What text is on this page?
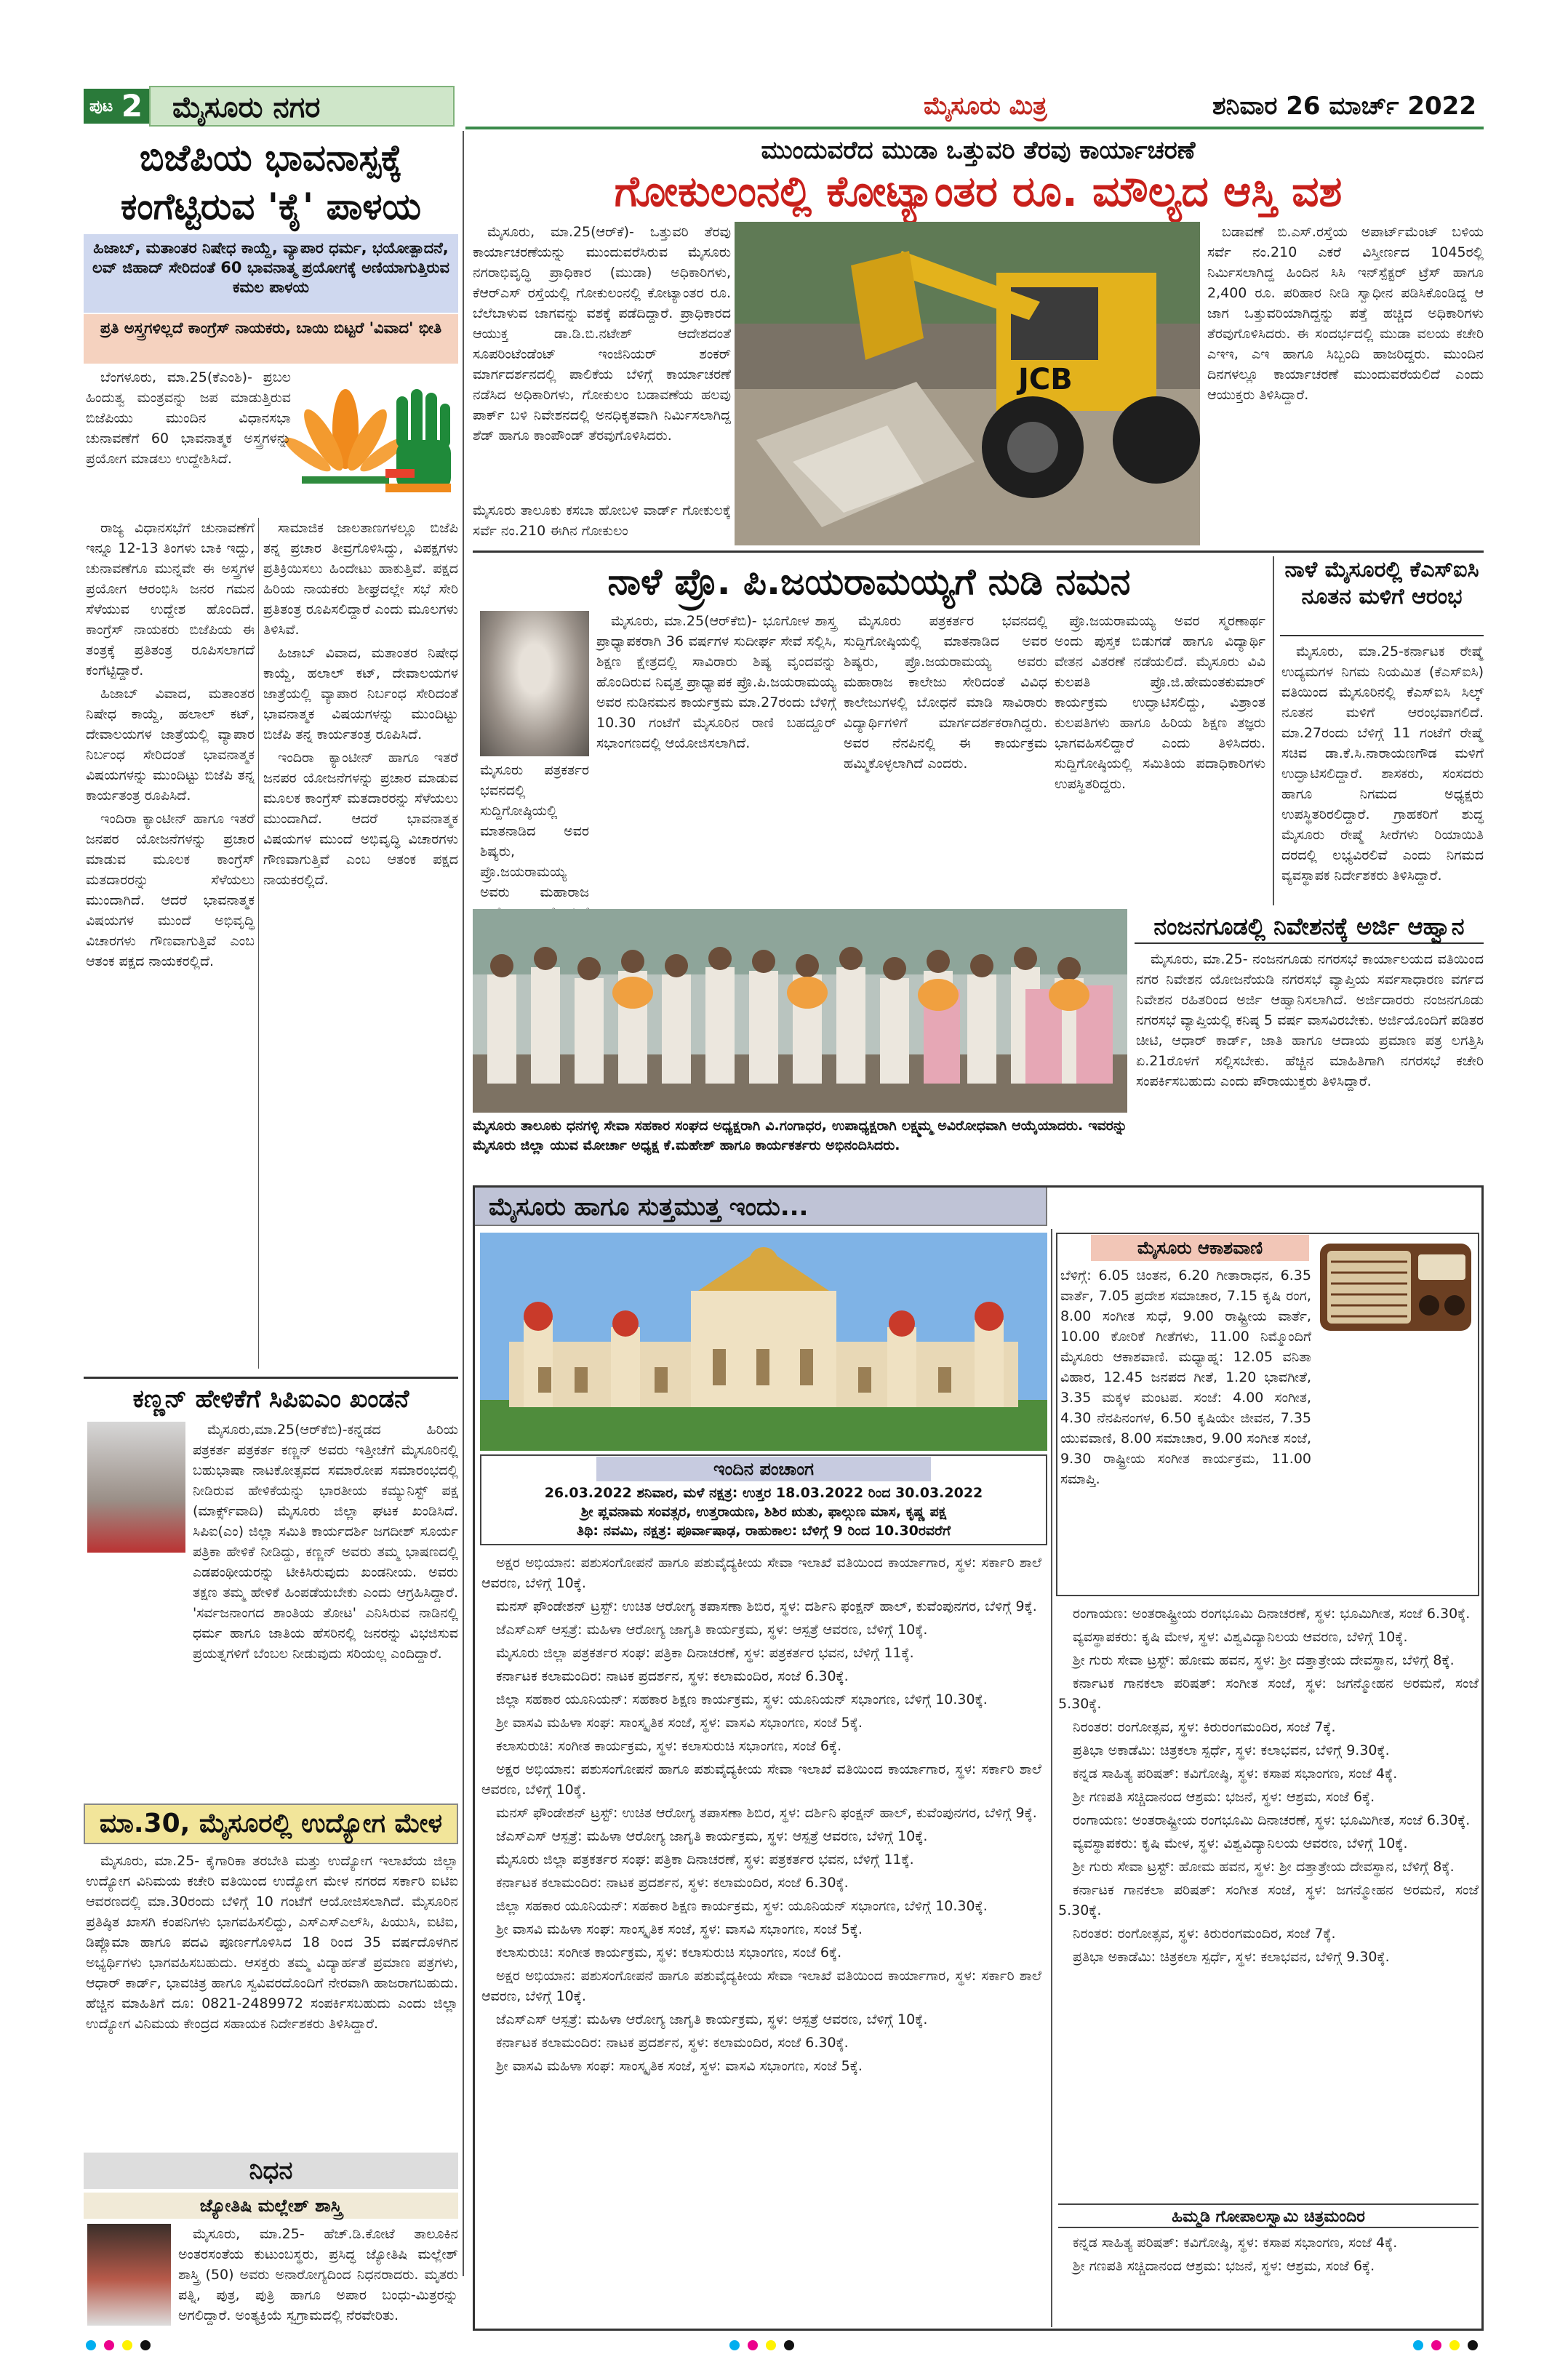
ಪುಟ 2	ಮೈಸೂರು ನಗರ	ಮೈಸೂರು ಮಿತ್ರ	ಶನಿವಾರ 26 ಮಾರ್ಚ್ 2022
ಬಿಜೆಪಿಯ ಭಾವನಾಸ್ಪಕ್ಕೆ
ಕಂಗೆಟ್ಟಿರುವ 'ಕೈ' ಪಾಳಯ
ಹಿಜಾಬ್, ಮತಾಂತರ ನಿಷೇಧ ಕಾಯ್ದೆ, ವ್ಯಾಪಾರ ಧರ್ಮ, ಭಯೋತ್ಪಾದನೆ, ಲವ್ ಜಿಹಾದ್ ಸೇರಿದಂತೆ 60 ಭಾವನಾತ್ಮ ಪ್ರಯೋಗಕ್ಕೆ ಅಣಿಯಾಗುತ್ತಿರುವ ಕಮಲ ಪಾಳಯ
ಪ್ರತಿ ಅಸ್ತ್ರಗಳಿಲ್ಲದೆ ಕಾಂಗ್ರೆಸ್ ನಾಯಕರು, ಬಾಯಿ ಬಿಟ್ಟರೆ 'ವಿವಾದ' ಭೀತಿ

ಬೆಂಗಳೂರು, ಮಾ.25(ಕೆಎಂಶಿ)- ಪ್ರಬಲ ಹಿಂದುತ್ವ ಮಂತ್ರವನ್ನು ಜಪ ಮಾಡುತ್ತಿರುವ ಬಿಜೆಪಿಯು ಮುಂದಿನ ವಿಧಾನಸಭಾ ಚುನಾವಣೆಗೆ 60 ಭಾವನಾತ್ಮಕ ಅಸ್ತ್ರಗಳನ್ನು ಪ್ರಯೋಗ ಮಾಡಲು ಉದ್ದೇಶಿಸಿದೆ.

ರಾಜ್ಯ ವಿಧಾನಸಭೆಗೆ ಚುನಾವಣೆಗೆ ಇನ್ನೂ 12-13 ತಿಂಗಳು ಬಾಕಿ ಇದ್ದು, ಚುನಾವಣೆಗೂ ಮುನ್ನವೇ ಈ ಅಸ್ತ್ರಗಳ ಪ್ರಯೋಗ ಆರಂಭಿಸಿ ಜನರ ಗಮನ ಸೆಳೆಯುವ ಉದ್ದೇಶ ಹೊಂದಿದೆ. ಕಾಂಗ್ರೆಸ್ ನಾಯಕರು ಬಿಜೆಪಿಯ ಈ ತಂತ್ರಕ್ಕೆ ಪ್ರತಿತಂತ್ರ ರೂಪಿಸಲಾಗದೆ ಕಂಗೆಟ್ಟಿದ್ದಾರೆ.

ಹಿಜಾಬ್ ವಿವಾದ, ಮತಾಂತರ ನಿಷೇಧ ಕಾಯ್ದೆ, ಹಲಾಲ್ ಕಟ್, ದೇವಾಲಯಗಳ ಜಾತ್ರೆಯಲ್ಲಿ ವ್ಯಾಪಾರ ನಿರ್ಬಂಧ ಸೇರಿದಂತೆ ಭಾವನಾತ್ಮಕ ವಿಷಯಗಳನ್ನು ಮುಂದಿಟ್ಟು ಬಿಜೆಪಿ ತನ್ನ ಕಾರ್ಯತಂತ್ರ ರೂಪಿಸಿದೆ.

ಇಂದಿರಾ ಕ್ಯಾಂಟೀನ್ ಹಾಗೂ ಇತರೆ ಜನಪರ ಯೋಜನೆಗಳನ್ನು ಪ್ರಚಾರ ಮಾಡುವ ಮೂಲಕ ಕಾಂಗ್ರೆಸ್ ಮತದಾರರನ್ನು ಸೆಳೆಯಲು ಮುಂದಾಗಿದೆ. ಆದರೆ ಭಾವನಾತ್ಮಕ ವಿಷಯಗಳ ಮುಂದೆ ಅಭಿವೃದ್ಧಿ ವಿಚಾರಗಳು ಗೌಣವಾಗುತ್ತಿವೆ ಎಂಬ ಆತಂಕ ಪಕ್ಷದ ನಾಯಕರಲ್ಲಿದೆ.

ಸಾಮಾಜಿಕ ಜಾಲತಾಣಗಳಲ್ಲೂ ಬಿಜೆಪಿ ತನ್ನ ಪ್ರಚಾರ ತೀವ್ರಗೊಳಿಸಿದ್ದು, ವಿಪಕ್ಷಗಳು ಪ್ರತಿಕ್ರಿಯಿಸಲು ಹಿಂದೇಟು ಹಾಕುತ್ತಿವೆ. ಪಕ್ಷದ ಹಿರಿಯ ನಾಯಕರು ಶೀಘ್ರದಲ್ಲೇ ಸಭೆ ಸೇರಿ ಪ್ರತಿತಂತ್ರ ರೂಪಿಸಲಿದ್ದಾರೆ ಎಂದು ಮೂಲಗಳು ತಿಳಿಸಿವೆ.

ಹಿಜಾಬ್ ವಿವಾದ, ಮತಾಂತರ ನಿಷೇಧ ಕಾಯ್ದೆ, ಹಲಾಲ್ ಕಟ್, ದೇವಾಲಯಗಳ ಜಾತ್ರೆಯಲ್ಲಿ ವ್ಯಾಪಾರ ನಿರ್ಬಂಧ ಸೇರಿದಂತೆ ಭಾವನಾತ್ಮಕ ವಿಷಯಗಳನ್ನು ಮುಂದಿಟ್ಟು ಬಿಜೆಪಿ ತನ್ನ ಕಾರ್ಯತಂತ್ರ ರೂಪಿಸಿದೆ.

ಇಂದಿರಾ ಕ್ಯಾಂಟೀನ್ ಹಾಗೂ ಇತರೆ ಜನಪರ ಯೋಜನೆಗಳನ್ನು ಪ್ರಚಾರ ಮಾಡುವ ಮೂಲಕ ಕಾಂಗ್ರೆಸ್ ಮತದಾರರನ್ನು ಸೆಳೆಯಲು ಮುಂದಾಗಿದೆ. ಆದರೆ ಭಾವನಾತ್ಮಕ ವಿಷಯಗಳ ಮುಂದೆ ಅಭಿವೃದ್ಧಿ ವಿಚಾರಗಳು ಗೌಣವಾಗುತ್ತಿವೆ ಎಂಬ ಆತಂಕ ಪಕ್ಷದ ನಾಯಕರಲ್ಲಿದೆ.

ಕಣ್ಣನ್ ಹೇಳಿಕೆಗೆ ಸಿಪಿಐಎಂ ಖಂಡನೆ
ಮೈಸೂರು,ಮಾ.25(ಆರ್‌ಕೆಬಿ)-ಕನ್ನಡದ ಹಿರಿಯ ಪತ್ರಕರ್ತ ಪತ್ರಕರ್ತ ಕಣ್ಣನ್ ಅವರು ಇತ್ತೀಚೆಗೆ ಮೈಸೂರಿನಲ್ಲಿ ಬಹುಭಾಷಾ ನಾಟಕೋತ್ಸವದ ಸಮಾರೋಪ ಸಮಾರಂಭದಲ್ಲಿ ನೀಡಿರುವ ಹೇಳಿಕೆಯನ್ನು ಭಾರತೀಯ ಕಮ್ಯುನಿಸ್ಟ್ ಪಕ್ಷ (ಮಾರ್ಕ್ಸ್‌ವಾದಿ) ಮೈಸೂರು ಜಿಲ್ಲಾ ಘಟಕ ಖಂಡಿಸಿದೆ. ಸಿಪಿಐ(ಎಂ) ಜಿಲ್ಲಾ ಸಮಿತಿ ಕಾರ್ಯದರ್ಶಿ ಜಗದೀಶ್ ಸೂರ್ಯ ಪತ್ರಿಕಾ ಹೇಳಿಕೆ ನೀಡಿದ್ದು, ಕಣ್ಣನ್ ಅವರು ತಮ್ಮ ಭಾಷಣದಲ್ಲಿ ಎಡಪಂಥೀಯರನ್ನು ಟೀಕಿಸಿರುವುದು ಖಂಡನೀಯ. ಅವರು ತಕ್ಷಣ ತಮ್ಮ ಹೇಳಿಕೆ ಹಿಂಪಡೆಯಬೇಕು ಎಂದು ಆಗ್ರಹಿಸಿದ್ದಾರೆ. 'ಸರ್ವಜನಾಂಗದ ಶಾಂತಿಯ ತೋಟ' ಎನಿಸಿರುವ ನಾಡಿನಲ್ಲಿ ಧರ್ಮ ಹಾಗೂ ಜಾತಿಯ ಹೆಸರಿನಲ್ಲಿ ಜನರನ್ನು ವಿಭಜಿಸುವ ಪ್ರಯತ್ನಗಳಿಗೆ ಬೆಂಬಲ ನೀಡುವುದು ಸರಿಯಲ್ಲ ಎಂದಿದ್ದಾರೆ.
ಮಾ.30, ಮೈಸೂರಲ್ಲಿ ಉದ್ಯೋಗ ಮೇಳ
ಮೈಸೂರು, ಮಾ.25- ಕೈಗಾರಿಕಾ ತರಬೇತಿ ಮತ್ತು ಉದ್ಯೋಗ ಇಲಾಖೆಯ ಜಿಲ್ಲಾ ಉದ್ಯೋಗ ವಿನಿಮಯ ಕಚೇರಿ ವತಿಯಿಂದ ಉದ್ಯೋಗ ಮೇಳ ನಗರದ ಸರ್ಕಾರಿ ಐಟಿಐ ಆವರಣದಲ್ಲಿ ಮಾ.30ರಂದು ಬೆಳಿಗ್ಗೆ 10 ಗಂಟೆಗೆ ಆಯೋಜಿಸಲಾಗಿದೆ. ಮೈಸೂರಿನ ಪ್ರತಿಷ್ಠಿತ ಖಾಸಗಿ ಕಂಪನಿಗಳು ಭಾಗವಹಿಸಲಿದ್ದು, ಎಸ್‌ಎಸ್‌ಎಲ್‌ಸಿ, ಪಿಯುಸಿ, ಐಟಿಐ, ಡಿಪ್ಲೊಮಾ ಹಾಗೂ ಪದವಿ ಪೂರ್ಣಗೊಳಿಸಿದ 18 ರಿಂದ 35 ವರ್ಷದೊಳಗಿನ ಅಭ್ಯರ್ಥಿಗಳು ಭಾಗವಹಿಸಬಹುದು. ಆಸಕ್ತರು ತಮ್ಮ ವಿದ್ಯಾರ್ಹತೆ ಪ್ರಮಾಣ ಪತ್ರಗಳು, ಆಧಾರ್ ಕಾರ್ಡ್, ಭಾವಚಿತ್ರ ಹಾಗೂ ಸ್ವವಿವರದೊಂದಿಗೆ ನೇರವಾಗಿ ಹಾಜರಾಗಬಹುದು. ಹೆಚ್ಚಿನ ಮಾಹಿತಿಗೆ ದೂ: 0821-2489972 ಸಂಪರ್ಕಿಸಬಹುದು ಎಂದು ಜಿಲ್ಲಾ ಉದ್ಯೋಗ ವಿನಿಮಯ ಕೇಂದ್ರದ ಸಹಾಯಕ ನಿರ್ದೇಶಕರು ತಿಳಿಸಿದ್ದಾರೆ.
ನಿಧನ
ಜ್ಯೋತಿಷಿ ಮಲ್ಲೇಶ್ ಶಾಸ್ತ್ರಿ
ಮೈಸೂರು, ಮಾ.25- ಹೆಚ್.ಡಿ.ಕೋಟೆ ತಾಲೂಕಿನ ಅಂತರಸಂತೆಯ ಕುಟುಂಬಸ್ಥರು, ಪ್ರಸಿದ್ಧ ಜ್ಯೋತಿಷಿ ಮಲ್ಲೇಶ್ ಶಾಸ್ತ್ರಿ (50) ಅವರು ಅನಾರೋಗ್ಯದಿಂದ ನಿಧನರಾದರು. ಮೃತರು ಪತ್ನಿ, ಪುತ್ರ, ಪುತ್ರಿ ಹಾಗೂ ಅಪಾರ ಬಂಧು-ಮಿತ್ರರನ್ನು ಅಗಲಿದ್ದಾರೆ. ಅಂತ್ಯಕ್ರಿಯೆ ಸ್ವಗ್ರಾಮದಲ್ಲಿ ನೆರವೇರಿತು.
ಮುಂದುವರೆದ ಮುಡಾ ಒತ್ತುವರಿ ತೆರವು ಕಾರ್ಯಾಚರಣೆ
ಗೋಕುಲಂನಲ್ಲಿ ಕೋಟ್ಯಾಂತರ ರೂ. ಮೌಲ್ಯದ ಆಸ್ತಿ ವಶ
ಮೈಸೂರು, ಮಾ.25(ಆರ್‌ಕೆ)- ಒತ್ತುವರಿ ತೆರವು ಕಾರ್ಯಾಚರಣೆಯನ್ನು ಮುಂದುವರೆಸಿರುವ ಮೈಸೂರು ನಗರಾಭಿವೃದ್ಧಿ ಪ್ರಾಧಿಕಾರ (ಮುಡಾ) ಅಧಿಕಾರಿಗಳು, ಕೆಆರ್‌ಎಸ್ ರಸ್ತೆಯಲ್ಲಿ ಗೋಕುಲಂನಲ್ಲಿ ಕೋಟ್ಯಾಂತರ ರೂ. ಬೆಲೆಬಾಳುವ ಜಾಗವನ್ನು ವಶಕ್ಕೆ ಪಡೆದಿದ್ದಾರೆ. ಪ್ರಾಧಿಕಾರದ ಆಯುಕ್ತ ಡಾ.ಡಿ.ಬಿ.ನಟೇಶ್ ಆದೇಶದಂತೆ ಸೂಪರಿಂಟೆಂಡೆಂಟ್ ಇಂಜಿನಿಯರ್ ಶಂಕರ್ ಮಾರ್ಗದರ್ಶನದಲ್ಲಿ ಪಾಲಿಕೆಯ ಬೆಳಿಗ್ಗೆ ಕಾರ್ಯಾಚರಣೆ ನಡೆಸಿದ ಅಧಿಕಾರಿಗಳು, ಗೋಕುಲಂ ಬಡಾವಣೆಯ ಹಲವು ಪಾರ್ಕ್ ಬಳಿ ನಿವೇಶನದಲ್ಲಿ ಅನಧಿಕೃತವಾಗಿ ನಿರ್ಮಿಸಲಾಗಿದ್ದ ಶೆಡ್ ಹಾಗೂ ಕಾಂಪೌಂಡ್ ತೆರವುಗೊಳಿಸಿದರು.
JCB
ಬಡಾವಣೆ ಬಿ.ಎಸ್.ರಸ್ತೆಯ ಅಪಾರ್ಟ್‌ಮೆಂಟ್ ಬಳಿಯ ಸರ್ವೆ ನಂ.210 ಎಕರೆ ವಿಸ್ತೀರ್ಣದ 1045ರಲ್ಲಿ ನಿರ್ಮಿಸಲಾಗಿದ್ದ ಹಿಂದಿನ ಸಿಸಿ ಇನ್‌ಸ್ಪೆಕ್ಟರ್ ಟ್ರೆಸ್ ಹಾಗೂ 2,400 ರೂ. ಪರಿಹಾರ ನೀಡಿ ಸ್ವಾಧೀನ ಪಡಿಸಿಕೊಂಡಿದ್ದ ಆ ಜಾಗ ಒತ್ತುವರಿಯಾಗಿದ್ದನ್ನು ಪತ್ತೆ ಹಚ್ಚಿದ ಅಧಿಕಾರಿಗಳು ತೆರವುಗೊಳಿಸಿದರು. ಈ ಸಂದರ್ಭದಲ್ಲಿ ಮುಡಾ ವಲಯ ಕಚೇರಿ ಎಇಇ, ಎಇ ಹಾಗೂ ಸಿಬ್ಬಂದಿ ಹಾಜರಿದ್ದರು. ಮುಂದಿನ ದಿನಗಳಲ್ಲೂ ಕಾರ್ಯಾಚರಣೆ ಮುಂದುವರೆಯಲಿದೆ ಎಂದು ಆಯುಕ್ತರು ತಿಳಿಸಿದ್ದಾರೆ.
ಮೈಸೂರು ತಾಲೂಕು ಕಸಬಾ ಹೋಬಳಿ ವಾರ್ಡ್ ಗೋಕುಲಕ್ಕೆ ಸರ್ವೆ ನಂ.210 ಈಗಿನ ಗೋಕುಲಂ
ನಾಳೆ ಪ್ರೊ. ಪಿ.ಜಯರಾಮಯ್ಯಗೆ ನುಡಿ ನಮನ
ಮೈಸೂರು, ಮಾ.25(ಆರ್‌ಕೆಬಿ)- ಭೂಗೋಳ ಶಾಸ್ತ್ರ ಪ್ರಾಧ್ಯಾಪಕರಾಗಿ 36 ವರ್ಷಗಳ ಸುದೀರ್ಘ ಸೇವೆ ಸಲ್ಲಿಸಿ, ಶಿಕ್ಷಣ ಕ್ಷೇತ್ರದಲ್ಲಿ ಸಾವಿರಾರು ಶಿಷ್ಯ ವೃಂದವನ್ನು ಹೊಂದಿರುವ ನಿವೃತ್ತ ಪ್ರಾಧ್ಯಾಪಕ ಪ್ರೊ.ಪಿ.ಜಯರಾಮಯ್ಯ ಅವರ ನುಡಿನಮನ ಕಾರ್ಯಕ್ರಮ ಮಾ.27ರಂದು ಬೆಳಿಗ್ಗೆ 10.30 ಗಂಟೆಗೆ ಮೈಸೂರಿನ ರಾಣಿ ಬಹದ್ದೂರ್ ಸಭಾಂಗಣದಲ್ಲಿ ಆಯೋಜಿಸಲಾಗಿದೆ.
ಮೈಸೂರು ಪತ್ರಕರ್ತರ ಭವನದಲ್ಲಿ ಸುದ್ದಿಗೋಷ್ಠಿಯಲ್ಲಿ ಮಾತನಾಡಿದ ಅವರ ಶಿಷ್ಯರು, ಪ್ರೊ.ಜಯರಾಮಯ್ಯ ಅವರು ಮಹಾರಾಜ ಕಾಲೇಜು ಸೇರಿದಂತೆ ವಿವಿಧ ಕಾಲೇಜುಗಳಲ್ಲಿ ಬೋಧನೆ ಮಾಡಿ ಸಾವಿರಾರು ವಿದ್ಯಾರ್ಥಿಗಳಿಗೆ ಮಾರ್ಗದರ್ಶಕರಾಗಿದ್ದರು. ಅವರ ನೆನಪಿನಲ್ಲಿ ಈ ಕಾರ್ಯಕ್ರಮ ಹಮ್ಮಿಕೊಳ್ಳಲಾಗಿದೆ ಎಂದರು.
ಪ್ರೊ.ಜಯರಾಮಯ್ಯ ಅವರ ಸ್ಮರಣಾರ್ಥ ಅಂದು ಪುಸ್ತಕ ಬಿಡುಗಡೆ ಹಾಗೂ ವಿದ್ಯಾರ್ಥಿ ವೇತನ ವಿತರಣೆ ನಡೆಯಲಿದೆ. ಮೈಸೂರು ವಿವಿ ಕುಲಪತಿ ಪ್ರೊ.ಜಿ.ಹೇಮಂತಕುಮಾರ್ ಕಾರ್ಯಕ್ರಮ ಉದ್ಘಾಟಿಸಲಿದ್ದು, ವಿಶ್ರಾಂತ ಕುಲಪತಿಗಳು ಹಾಗೂ ಹಿರಿಯ ಶಿಕ್ಷಣ ತಜ್ಞರು ಭಾಗವಹಿಸಲಿದ್ದಾರೆ ಎಂದು ತಿಳಿಸಿದರು. ಸುದ್ದಿಗೋಷ್ಠಿಯಲ್ಲಿ ಸಮಿತಿಯ ಪದಾಧಿಕಾರಿಗಳು ಉಪಸ್ಥಿತರಿದ್ದರು.
ಮೈಸೂರು ಪತ್ರಕರ್ತರ ಭವನದಲ್ಲಿ ಸುದ್ದಿಗೋಷ್ಠಿಯಲ್ಲಿ ಮಾತನಾಡಿದ ಅವರ ಶಿಷ್ಯರು, ಪ್ರೊ.ಜಯರಾಮಯ್ಯ ಅವರು ಮಹಾರಾಜ
ನಾಳೆ ಮೈಸೂರಲ್ಲಿ ಕೆಎಸ್‌ಐಸಿ ನೂತನ ಮಳಿಗೆ ಆರಂಭ
ಮೈಸೂರು, ಮಾ.25-ಕರ್ನಾಟಕ ರೇಷ್ಮೆ ಉದ್ಯಮಗಳ ನಿಗಮ ನಿಯಮಿತ (ಕೆಎಸ್‌ಐಸಿ) ವತಿಯಿಂದ ಮೈಸೂರಿನಲ್ಲಿ ಕೆಎಸ್‌ಐಸಿ ಸಿಲ್ಕ್ ನೂತನ ಮಳಿಗೆ ಆರಂಭವಾಗಲಿದೆ. ಮಾ.27ರಂದು ಬೆಳಿಗ್ಗೆ 11 ಗಂಟೆಗೆ ರೇಷ್ಮೆ ಸಚಿವ ಡಾ.ಕೆ.ಸಿ.ನಾರಾಯಣಗೌಡ ಮಳಿಗೆ ಉದ್ಘಾಟಿಸಲಿದ್ದಾರೆ. ಶಾಸಕರು, ಸಂಸದರು ಹಾಗೂ ನಿಗಮದ ಅಧ್ಯಕ್ಷರು ಉಪಸ್ಥಿತರಿರಲಿದ್ದಾರೆ. ಗ್ರಾಹಕರಿಗೆ ಶುದ್ಧ ಮೈಸೂರು ರೇಷ್ಮೆ ಸೀರೆಗಳು ರಿಯಾಯಿತಿ ದರದಲ್ಲಿ ಲಭ್ಯವಿರಲಿವೆ ಎಂದು ನಿಗಮದ ವ್ಯವಸ್ಥಾಪಕ ನಿರ್ದೇಶಕರು ತಿಳಿಸಿದ್ದಾರೆ.
ಮೈಸೂರು ತಾಲೂಕು ಧನಗಳ್ಳಿ ಸೇವಾ ಸಹಕಾರ ಸಂಘದ ಅಧ್ಯಕ್ಷರಾಗಿ ವಿ.ಗಂಗಾಧರ, ಉಪಾಧ್ಯಕ್ಷರಾಗಿ ಲಕ್ಷ್ಮಮ್ಮ ಅವಿರೋಧವಾಗಿ ಆಯ್ಕೆಯಾದರು. ಇವರನ್ನು ಮೈಸೂರು ಜಿಲ್ಲಾ ಯುವ ಮೋರ್ಚಾ ಅಧ್ಯಕ್ಷ ಕೆ.ಮಹೇಶ್ ಹಾಗೂ ಕಾರ್ಯಕರ್ತರು ಅಭಿನಂದಿಸಿದರು.
ನಂಜನಗೂಡಲ್ಲಿ ನಿವೇಶನಕ್ಕೆ ಅರ್ಜಿ ಆಹ್ವಾನ
ಮೈಸೂರು, ಮಾ.25- ನಂಜನಗೂಡು ನಗರಸಭೆ ಕಾರ್ಯಾಲಯದ ವತಿಯಿಂದ ನಗರ ನಿವೇಶನ ಯೋಜನೆಯಡಿ ನಗರಸಭೆ ವ್ಯಾಪ್ತಿಯ ಸರ್ವಸಾಧಾರಣ ವರ್ಗದ ನಿವೇಶನ ರಹಿತರಿಂದ ಅರ್ಜಿ ಆಹ್ವಾನಿಸಲಾಗಿದೆ. ಅರ್ಜಿದಾರರು ನಂಜನಗೂಡು ನಗರಸಭೆ ವ್ಯಾಪ್ತಿಯಲ್ಲಿ ಕನಿಷ್ಠ 5 ವರ್ಷ ವಾಸವಿರಬೇಕು. ಅರ್ಜಿಯೊಂದಿಗೆ ಪಡಿತರ ಚೀಟಿ, ಆಧಾರ್ ಕಾರ್ಡ್, ಜಾತಿ ಹಾಗೂ ಆದಾಯ ಪ್ರಮಾಣ ಪತ್ರ ಲಗತ್ತಿಸಿ ಏ.21ರೊಳಗೆ ಸಲ್ಲಿಸಬೇಕು. ಹೆಚ್ಚಿನ ಮಾಹಿತಿಗಾಗಿ ನಗರಸಭೆ ಕಚೇರಿ ಸಂಪರ್ಕಿಸಬಹುದು ಎಂದು ಪೌರಾಯುಕ್ತರು ತಿಳಿಸಿದ್ದಾರೆ.
ಮೈಸೂರು ಹಾಗೂ ಸುತ್ತಮುತ್ತ ಇಂದು...
ಇಂದಿನ ಪಂಚಾಂಗ
26.03.2022 ಶನಿವಾರ, ಮಳೆ ನಕ್ಷತ್ರ: ಉತ್ತರ 18.03.2022 ರಿಂದ 30.03.2022
ಶ್ರೀ ಪ್ಲವನಾಮ ಸಂವತ್ಸರ, ಉತ್ತರಾಯಣ, ಶಿಶಿರ ಋತು, ಫಾಲ್ಗುಣ ಮಾಸ, ಕೃಷ್ಣ ಪಕ್ಷ
ತಿಥಿ: ನವಮಿ, ನಕ್ಷತ್ರ: ಪೂರ್ವಾಷಾಢ, ರಾಹುಕಾಲ: ಬೆಳಿಗ್ಗೆ 9 ರಿಂದ 10.30ರವರೆಗೆ

ಅಕ್ಷರ ಅಭಿಯಾನ: ಪಶುಸಂಗೋಪನೆ ಹಾಗೂ ಪಶುವೈದ್ಯಕೀಯ ಸೇವಾ ಇಲಾಖೆ ವತಿಯಿಂದ ಕಾರ್ಯಾಗಾರ, ಸ್ಥಳ: ಸರ್ಕಾರಿ ಶಾಲೆ ಆವರಣ, ಬೆಳಿಗ್ಗೆ 10ಕ್ಕೆ.

ಮನಸ್ ಫೌಂಡೇಶನ್ ಟ್ರಸ್ಟ್: ಉಚಿತ ಆರೋಗ್ಯ ತಪಾಸಣಾ ಶಿಬಿರ, ಸ್ಥಳ: ದರ್ಶಿನಿ ಫಂಕ್ಷನ್ ಹಾಲ್, ಕುವೆಂಪುನಗರ, ಬೆಳಿಗ್ಗೆ 9ಕ್ಕೆ.

ಜೆಎಸ್‌ಎಸ್ ಆಸ್ಪತ್ರೆ: ಮಹಿಳಾ ಆರೋಗ್ಯ ಜಾಗೃತಿ ಕಾರ್ಯಕ್ರಮ, ಸ್ಥಳ: ಆಸ್ಪತ್ರೆ ಆವರಣ, ಬೆಳಿಗ್ಗೆ 10ಕ್ಕೆ.

ಮೈಸೂರು ಜಿಲ್ಲಾ ಪತ್ರಕರ್ತರ ಸಂಘ: ಪತ್ರಿಕಾ ದಿನಾಚರಣೆ, ಸ್ಥಳ: ಪತ್ರಕರ್ತರ ಭವನ, ಬೆಳಿಗ್ಗೆ 11ಕ್ಕೆ.

ಕರ್ನಾಟಕ ಕಲಾಮಂದಿರ: ನಾಟಕ ಪ್ರದರ್ಶನ, ಸ್ಥಳ: ಕಲಾಮಂದಿರ, ಸಂಜೆ 6.30ಕ್ಕೆ.

ಜಿಲ್ಲಾ ಸಹಕಾರ ಯೂನಿಯನ್: ಸಹಕಾರ ಶಿಕ್ಷಣ ಕಾರ್ಯಕ್ರಮ, ಸ್ಥಳ: ಯೂನಿಯನ್ ಸಭಾಂಗಣ, ಬೆಳಿಗ್ಗೆ 10.30ಕ್ಕೆ.

ಶ್ರೀ ವಾಸವಿ ಮಹಿಳಾ ಸಂಘ: ಸಾಂಸ್ಕೃತಿಕ ಸಂಜೆ, ಸ್ಥಳ: ವಾಸವಿ ಸಭಾಂಗಣ, ಸಂಜೆ 5ಕ್ಕೆ.

ಕಲಾಸುರುಚಿ: ಸಂಗೀತ ಕಾರ್ಯಕ್ರಮ, ಸ್ಥಳ: ಕಲಾಸುರುಚಿ ಸಭಾಂಗಣ, ಸಂಜೆ 6ಕ್ಕೆ.

ಅಕ್ಷರ ಅಭಿಯಾನ: ಪಶುಸಂಗೋಪನೆ ಹಾಗೂ ಪಶುವೈದ್ಯಕೀಯ ಸೇವಾ ಇಲಾಖೆ ವತಿಯಿಂದ ಕಾರ್ಯಾಗಾರ, ಸ್ಥಳ: ಸರ್ಕಾರಿ ಶಾಲೆ ಆವರಣ, ಬೆಳಿಗ್ಗೆ 10ಕ್ಕೆ.

ಮನಸ್ ಫೌಂಡೇಶನ್ ಟ್ರಸ್ಟ್: ಉಚಿತ ಆರೋಗ್ಯ ತಪಾಸಣಾ ಶಿಬಿರ, ಸ್ಥಳ: ದರ್ಶಿನಿ ಫಂಕ್ಷನ್ ಹಾಲ್, ಕುವೆಂಪುನಗರ, ಬೆಳಿಗ್ಗೆ 9ಕ್ಕೆ.

ಜೆಎಸ್‌ಎಸ್ ಆಸ್ಪತ್ರೆ: ಮಹಿಳಾ ಆರೋಗ್ಯ ಜಾಗೃತಿ ಕಾರ್ಯಕ್ರಮ, ಸ್ಥಳ: ಆಸ್ಪತ್ರೆ ಆವರಣ, ಬೆಳಿಗ್ಗೆ 10ಕ್ಕೆ.

ಮೈಸೂರು ಜಿಲ್ಲಾ ಪತ್ರಕರ್ತರ ಸಂಘ: ಪತ್ರಿಕಾ ದಿನಾಚರಣೆ, ಸ್ಥಳ: ಪತ್ರಕರ್ತರ ಭವನ, ಬೆಳಿಗ್ಗೆ 11ಕ್ಕೆ.

ಕರ್ನಾಟಕ ಕಲಾಮಂದಿರ: ನಾಟಕ ಪ್ರದರ್ಶನ, ಸ್ಥಳ: ಕಲಾಮಂದಿರ, ಸಂಜೆ 6.30ಕ್ಕೆ.

ಜಿಲ್ಲಾ ಸಹಕಾರ ಯೂನಿಯನ್: ಸಹಕಾರ ಶಿಕ್ಷಣ ಕಾರ್ಯಕ್ರಮ, ಸ್ಥಳ: ಯೂನಿಯನ್ ಸಭಾಂಗಣ, ಬೆಳಿಗ್ಗೆ 10.30ಕ್ಕೆ.

ಶ್ರೀ ವಾಸವಿ ಮಹಿಳಾ ಸಂಘ: ಸಾಂಸ್ಕೃತಿಕ ಸಂಜೆ, ಸ್ಥಳ: ವಾಸವಿ ಸಭಾಂಗಣ, ಸಂಜೆ 5ಕ್ಕೆ.

ಕಲಾಸುರುಚಿ: ಸಂಗೀತ ಕಾರ್ಯಕ್ರಮ, ಸ್ಥಳ: ಕಲಾಸುರುಚಿ ಸಭಾಂಗಣ, ಸಂಜೆ 6ಕ್ಕೆ.

ಅಕ್ಷರ ಅಭಿಯಾನ: ಪಶುಸಂಗೋಪನೆ ಹಾಗೂ ಪಶುವೈದ್ಯಕೀಯ ಸೇವಾ ಇಲಾಖೆ ವತಿಯಿಂದ ಕಾರ್ಯಾಗಾರ, ಸ್ಥಳ: ಸರ್ಕಾರಿ ಶಾಲೆ ಆವರಣ, ಬೆಳಿಗ್ಗೆ 10ಕ್ಕೆ.

ಜೆಎಸ್‌ಎಸ್ ಆಸ್ಪತ್ರೆ: ಮಹಿಳಾ ಆರೋಗ್ಯ ಜಾಗೃತಿ ಕಾರ್ಯಕ್ರಮ, ಸ್ಥಳ: ಆಸ್ಪತ್ರೆ ಆವರಣ, ಬೆಳಿಗ್ಗೆ 10ಕ್ಕೆ.

ಕರ್ನಾಟಕ ಕಲಾಮಂದಿರ: ನಾಟಕ ಪ್ರದರ್ಶನ, ಸ್ಥಳ: ಕಲಾಮಂದಿರ, ಸಂಜೆ 6.30ಕ್ಕೆ.

ಶ್ರೀ ವಾಸವಿ ಮಹಿಳಾ ಸಂಘ: ಸಾಂಸ್ಕೃತಿಕ ಸಂಜೆ, ಸ್ಥಳ: ವಾಸವಿ ಸಭಾಂಗಣ, ಸಂಜೆ 5ಕ್ಕೆ.

ಮೈಸೂರು ಆಕಾಶವಾಣಿ
ಬೆಳಿಗ್ಗೆ: 6.05 ಚಿಂತನ, 6.20 ಗೀತಾರಾಧನ, 6.35 ವಾರ್ತೆ, 7.05 ಪ್ರದೇಶ ಸಮಾಚಾರ, 7.15 ಕೃಷಿ ರಂಗ, 8.00 ಸಂಗೀತ ಸುಧೆ, 9.00 ರಾಷ್ಟ್ರೀಯ ವಾರ್ತೆ, 10.00 ಕೋರಿಕೆ ಗೀತೆಗಳು, 11.00 ನಿಮ್ಮೊಂದಿಗೆ ಮೈಸೂರು ಆಕಾಶವಾಣಿ. ಮಧ್ಯಾಹ್ನ: 12.05 ವನಿತಾ ವಿಹಾರ, 12.45 ಜನಪದ ಗೀತೆ, 1.20 ಭಾವಗೀತೆ, 3.35 ಮಕ್ಕಳ ಮಂಟಪ. ಸಂಜೆ: 4.00 ಸಂಗೀತ, 4.30 ನೆನಪಿನಂಗಳ, 6.50 ಕೃಷಿಯೇ ಜೀವನ, 7.35 ಯುವವಾಣಿ, 8.00 ಸಮಾಚಾರ, 9.00 ಸಂಗೀತ ಸಂಜೆ, 9.30 ರಾಷ್ಟ್ರೀಯ ಸಂಗೀತ ಕಾರ್ಯಕ್ರಮ, 11.00 ಸಮಾಪ್ತಿ.

ರಂಗಾಯಣ: ಅಂತರಾಷ್ಟ್ರೀಯ ರಂಗಭೂಮಿ ದಿನಾಚರಣೆ, ಸ್ಥಳ: ಭೂಮಿಗೀತ, ಸಂಜೆ 6.30ಕ್ಕೆ.

ವ್ಯವಸ್ಥಾಪಕರು: ಕೃಷಿ ಮೇಳ, ಸ್ಥಳ: ವಿಶ್ವವಿದ್ಯಾನಿಲಯ ಆವರಣ, ಬೆಳಿಗ್ಗೆ 10ಕ್ಕೆ.

ಶ್ರೀ ಗುರು ಸೇವಾ ಟ್ರಸ್ಟ್: ಹೋಮ ಹವನ, ಸ್ಥಳ: ಶ್ರೀ ದತ್ತಾತ್ರೇಯ ದೇವಸ್ಥಾನ, ಬೆಳಿಗ್ಗೆ 8ಕ್ಕೆ.

ಕರ್ನಾಟಕ ಗಾನಕಲಾ ಪರಿಷತ್: ಸಂಗೀತ ಸಂಜೆ, ಸ್ಥಳ: ಜಗನ್ಮೋಹನ ಅರಮನೆ, ಸಂಜೆ 5.30ಕ್ಕೆ.

ನಿರಂತರ: ರಂಗೋತ್ಸವ, ಸ್ಥಳ: ಕಿರುರಂಗಮಂದಿರ, ಸಂಜೆ 7ಕ್ಕೆ.

ಪ್ರತಿಭಾ ಅಕಾಡೆಮಿ: ಚಿತ್ರಕಲಾ ಸ್ಪರ್ಧೆ, ಸ್ಥಳ: ಕಲಾಭವನ, ಬೆಳಿಗ್ಗೆ 9.30ಕ್ಕೆ.

ಕನ್ನಡ ಸಾಹಿತ್ಯ ಪರಿಷತ್: ಕವಿಗೋಷ್ಠಿ, ಸ್ಥಳ: ಕಸಾಪ ಸಭಾಂಗಣ, ಸಂಜೆ 4ಕ್ಕೆ.

ಶ್ರೀ ಗಣಪತಿ ಸಚ್ಚಿದಾನಂದ ಆಶ್ರಮ: ಭಜನೆ, ಸ್ಥಳ: ಆಶ್ರಮ, ಸಂಜೆ 6ಕ್ಕೆ.

ರಂಗಾಯಣ: ಅಂತರಾಷ್ಟ್ರೀಯ ರಂಗಭೂಮಿ ದಿನಾಚರಣೆ, ಸ್ಥಳ: ಭೂಮಿಗೀತ, ಸಂಜೆ 6.30ಕ್ಕೆ.

ವ್ಯವಸ್ಥಾಪಕರು: ಕೃಷಿ ಮೇಳ, ಸ್ಥಳ: ವಿಶ್ವವಿದ್ಯಾನಿಲಯ ಆವರಣ, ಬೆಳಿಗ್ಗೆ 10ಕ್ಕೆ.

ಶ್ರೀ ಗುರು ಸೇವಾ ಟ್ರಸ್ಟ್: ಹೋಮ ಹವನ, ಸ್ಥಳ: ಶ್ರೀ ದತ್ತಾತ್ರೇಯ ದೇವಸ್ಥಾನ, ಬೆಳಿಗ್ಗೆ 8ಕ್ಕೆ.

ಕರ್ನಾಟಕ ಗಾನಕಲಾ ಪರಿಷತ್: ಸಂಗೀತ ಸಂಜೆ, ಸ್ಥಳ: ಜಗನ್ಮೋಹನ ಅರಮನೆ, ಸಂಜೆ 5.30ಕ್ಕೆ.

ನಿರಂತರ: ರಂಗೋತ್ಸವ, ಸ್ಥಳ: ಕಿರುರಂಗಮಂದಿರ, ಸಂಜೆ 7ಕ್ಕೆ.

ಪ್ರತಿಭಾ ಅಕಾಡೆಮಿ: ಚಿತ್ರಕಲಾ ಸ್ಪರ್ಧೆ, ಸ್ಥಳ: ಕಲಾಭವನ, ಬೆಳಿಗ್ಗೆ 9.30ಕ್ಕೆ.

ಹಿಮ್ಮಡಿ ಗೋಪಾಲಸ್ವಾಮಿ ಚಿತ್ರಮಂದಿರ

ಕನ್ನಡ ಸಾಹಿತ್ಯ ಪರಿಷತ್: ಕವಿಗೋಷ್ಠಿ, ಸ್ಥಳ: ಕಸಾಪ ಸಭಾಂಗಣ, ಸಂಜೆ 4ಕ್ಕೆ.

ಶ್ರೀ ಗಣಪತಿ ಸಚ್ಚಿದಾನಂದ ಆಶ್ರಮ: ಭಜನೆ, ಸ್ಥಳ: ಆಶ್ರಮ, ಸಂಜೆ 6ಕ್ಕೆ.
